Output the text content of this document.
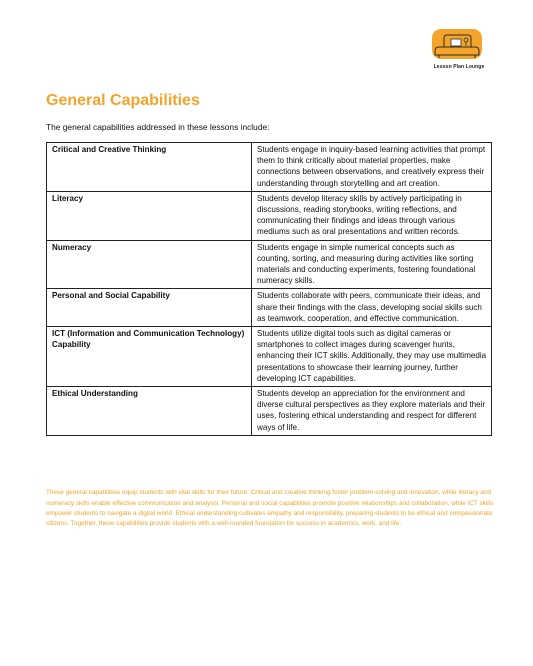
Lesson Plan Lounge
General Capabilities
The general capabilities addressed in these lessons include:
Critical and Creative Thinking	Students engage in inquiry-based learning activities that prompt them to think critically about material properties, make connections between observations, and creatively express their understanding through storytelling and art creation.
Literacy	Students develop literacy skills by actively participating in discussions, reading storybooks, writing reflections, and communicating their findings and ideas through various mediums such as oral presentations and written records.
Numeracy	Students engage in simple numerical concepts such as counting, sorting, and measuring during activities like sorting materials and conducting experiments, fostering foundational numeracy skills.
Personal and Social Capability	Students collaborate with peers, communicate their ideas, and share their findings with the class, developing social skills such as teamwork, cooperation, and effective communication.
ICT (Information and Communication Technology) Capability	Students utilize digital tools such as digital cameras or smartphones to collect images during scavenger hunts, enhancing their ICT skills. Additionally, they may use multimedia presentations to showcase their learning journey, further developing ICT capabilities.
Ethical Understanding	Students develop an appreciation for the environment and diverse cultural perspectives as they explore materials and their uses, fostering ethical understanding and respect for different ways of life.

These general capabilities equip students with vital skills for their future. Critical and creative thinking foster problem-solving and innovation, while literacy and numeracy skills enable effective communication and analysis. Personal and social capabilities promote positive relationships and collaboration, while ICT skills empower students to navigate a digital world. Ethical understanding cultivates empathy and responsibility, preparing students to be ethical and compassionate citizens. Together, these capabilities provide students with a well-rounded foundation for success in academics, work, and life.
